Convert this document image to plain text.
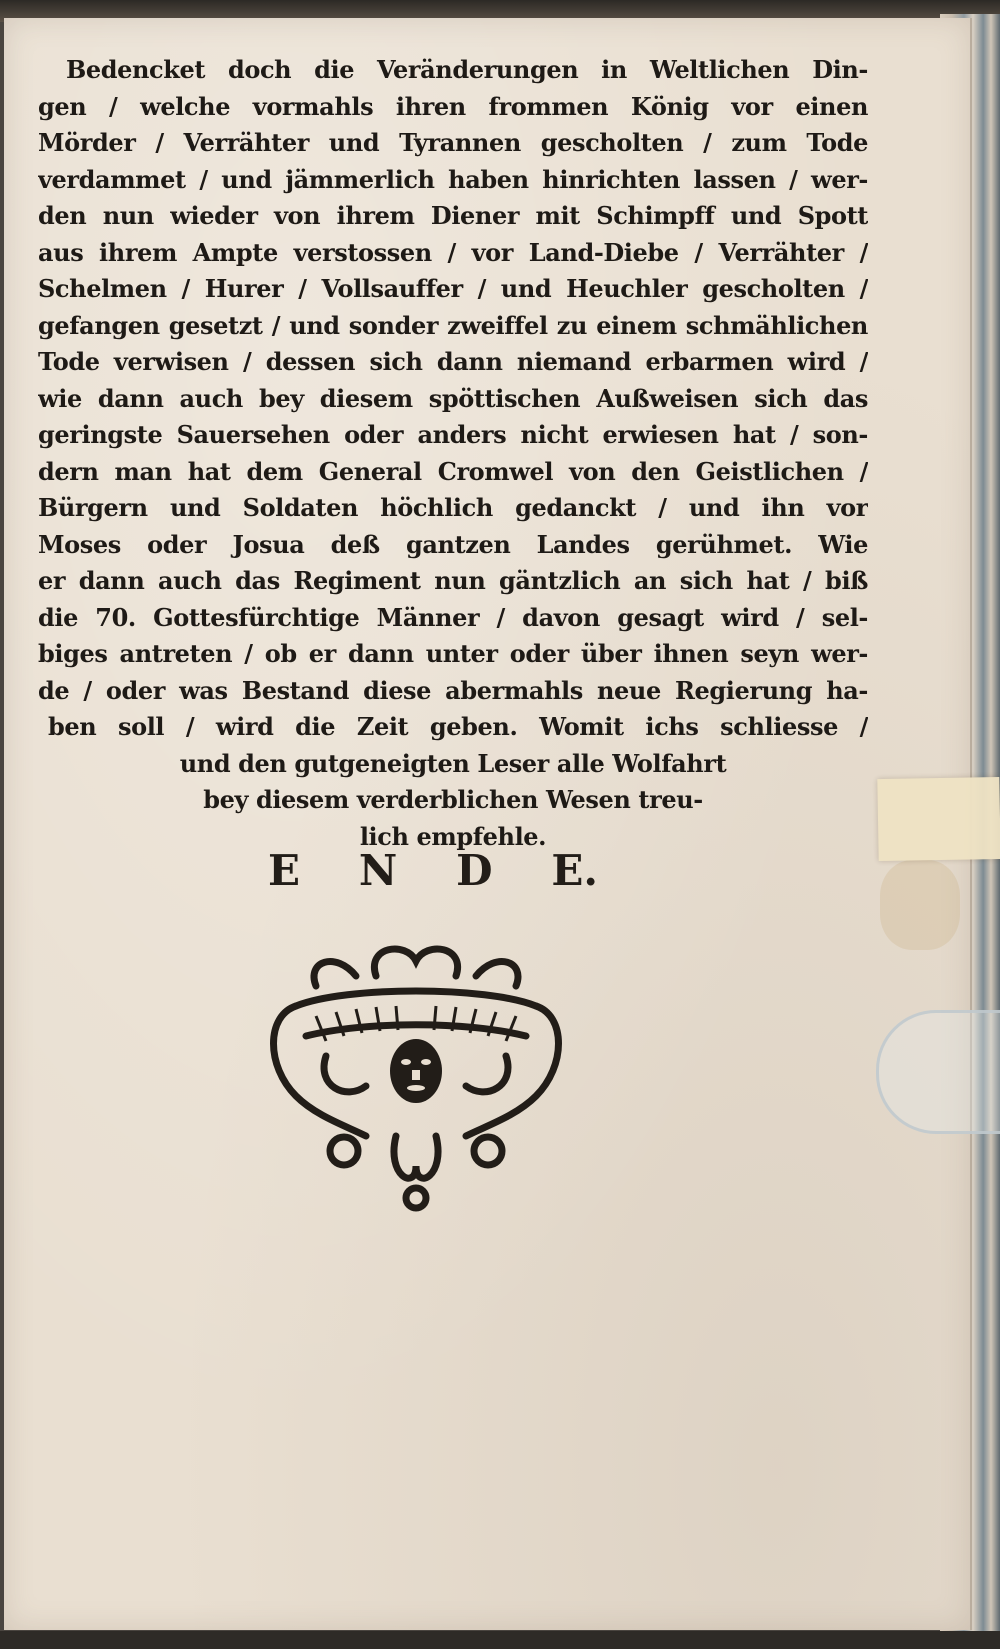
Bedencket doch die Veränderungen in Weltlichen Din-
gen / welche vormahls ihren frommen König vor einen
Mörder / Verrähter und Tyrannen gescholten / zum Tode
verdammet / und jämmerlich haben hinrichten lassen / wer-
den nun wieder von ihrem Diener mit Schimpff und Spott
aus ihrem Ampte verstossen / vor Land-Diebe / Verrähter /
Schelmen / Hurer / Vollsauffer / und Heuchler gescholten /
gefangen gesetzt / und sonder zweiffel zu einem schmählichen
Tode verwisen / dessen sich dann niemand erbarmen wird /
wie dann auch bey diesem spöttischen Außweisen sich das
geringste Sauersehen oder anders nicht erwiesen hat / son-
dern man hat dem General Cromwel von den Geistlichen /
Bürgern und Soldaten höchlich gedanckt / und ihn vor
Moses oder Josua deß gantzen Landes gerühmet. Wie
er dann auch das Regiment nun gäntzlich an sich hat / biß
die 70. Gottesfürchtige Männer / davon gesagt wird / sel-
biges antreten / ob er dann unter oder über ihnen seyn wer-
de / oder was Bestand diese abermahls neue Regierung ha-
ben soll / wird die Zeit geben. Womit ichs schliesse /
und den gutgeneigten Leser alle Wolfahrt
bey diesem verderblichen Wesen treu-
lich empfehle.
E N D E.
